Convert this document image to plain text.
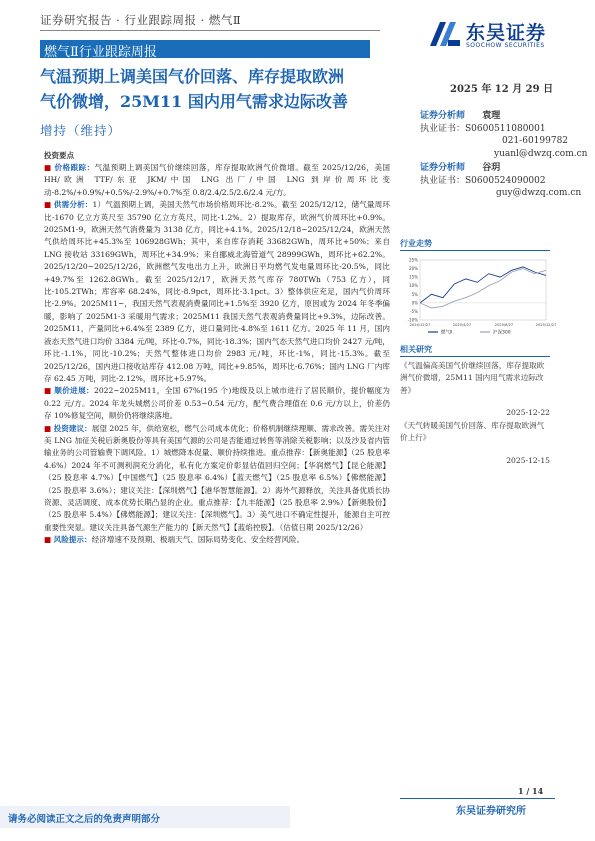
证券研究报告 · 行业跟踪周报 · 燃气Ⅱ
东吴证券
SOOCHOW SECURITIES
燃气Ⅱ行业跟踪周报
气温预期上调美国气价回落、库存提取欧洲
气价微增，25M11 国内用气需求边际改善
增持（维持）
2025 年 12 月 29 日
证券分析师 袁理
执业证书：S0600511080001
021-60199782
yuanl@dwzq.com.cn
证券分析师 谷玥
执业证书：S0600524090002
guy@dwzq.com.cn
投资要点

■ 价格跟踪：气温预期上调美国气价继续回落，库存提取欧洲气价微增。截至 2025/12/26，美国 HH/欧洲 TTF/东亚 JKM/中国 LNG 出厂/中国 LNG 到岸价周环比变动-8.2%/+0.9%/+0.5%/-2.9%/+0.7%至 0.8/2.4/2.5/2.6/2.4 元/方。

■ 供需分析：1）气温预期上调，美国天然气市场价格周环比-8.2%。截至 2025/12/12，储气量周环比-1670 亿立方英尺至 35790 亿立方英尺，同比-1.2%。2）提取库存，欧洲气价周环比+0.9%。2025M1-9，欧洲天然气消费量为 3138 亿方，同比+4.1%。2025/12/18~2025/12/24，欧洲天然气供给周环比+45.3%至 106928GWh；其中，来自库存消耗 33682GWh，周环比+50%；来自 LNG 接收站 33169GWh，周环比+34.9%；来自挪威北海管道气 28999GWh，周环比+62.2%。2025/12/20~2025/12/26，欧洲燃气发电出力上升，欧洲日平均燃气发电量周环比-20.5%，同比+49.7%至 1262.8GWh。截至 2025/12/17，欧洲天然气库存 780TWh（753 亿方），同比-105.2TWh；库容率 68.24%，同比-8.9pct，周环比-3.1pct。3）整体供应充足，国内气价周环比-2.9%。2025M11~，我国天然气表观消费量同比+1.5%至 3920 亿方，原因或为 2024 年冬季偏暖，影响了 2025M1-3 采暖用气需求；2025M11 我国天然气表观消费量同比+9.3%，边际改善。2025M11，产量同比+6.4%至 2389 亿方，进口量同比-4.8%至 1611 亿方。2025 年 11 月，国内液态天然气进口均价 3384 元/吨，环比-0.7%，同比-18.3%；国内气态天然气进口均价 2427 元/吨，环比-1.1%，同比-10.2%；天然气整体进口均价 2983 元/吨，环比-1%，同比-15.3%。截至 2025/12/26，国内进口接收站库存 412.08 万吨，同比+9.85%，周环比-6.76%；国内 LNG 厂内库存 62.45 万吨，同比-2.12%，周环比+5.97%。

■ 顺价进展：2022~2025M11，全国 67%(195 个)地级及以上城市进行了居民顺价，提价幅度为 0.22 元/方。2024 年龙头城燃公司价差 0.53~0.54 元/方，配气费合理值在 0.6 元/方以上，价差仍存 10%修复空间，顺价仍将继续落地。

■ 投资建议：展望 2025 年，供给宽松，燃气公司成本优化；价格机制继续理顺、需求改善。需关注对美 LNG 加征关税后新奥股份等具有美国气源的公司是否能通过转售等消除关税影响；以及沙及省内管输业务的公司管输费下调风险。1）城燃降本促量、顺价持续推进。重点推荐：【新奥能源】（25 股息率 4.6%）2024 年不可测利润充分消化，私有化方案定价彰显估值回归空间；【华润燃气】【昆仑能源】（25 股息率 4.7%）【中国燃气】（25 股息率 6.4%）【蓝天燃气】（25 股息率 6.5%）【佛燃能源】（25 股息率 3.6%）；建议关注：【深圳燃气】【港华智慧能源】。2）海外气源释放，关注具备优质长协资源、灵活调度、成本优势长期凸显的企业。重点推荐：【九丰能源】（25 股息率 2.9%）【新奥股份】（25 股息率 5.4%）【佛燃能源】；建议关注：【深圳燃气】。3）美气进口不确定性提升，能源自主可控重要性突显。建议关注具备气源生产能力的【新天然气】【蓝焰控股】。（估值日期 2025/12/26）

■ 风险提示：经济增速不及预期、极端天气、国际局势变化、安全经营风险。

行业走势
25%
20%
15%
10%
5%
0%
-5%
-10%
2024/12/27	2025/4/27	2025/8/27	2025/12/27
燃气Ⅱ	沪深300
相关研究
《气温偏高美国气价继续回落，库存提取欧洲气价微增，25M11 国内用气需求边际改善》
2025-12-22
《天气转暖美国气价回落、库存提取欧洲气价上行》
2025-12-15
1 / 14
请务必阅读正文之后的免责声明部分
东吴证券研究所
